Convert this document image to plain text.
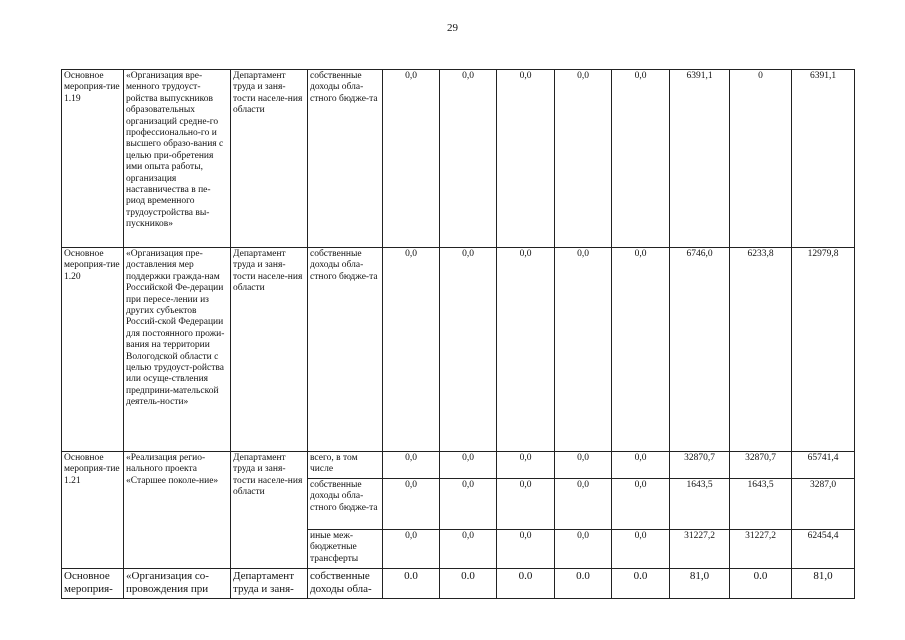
29
Основное мероприя-тие 1.19	«Организация вре-менного трудоуст-ройства выпускников образовательных организаций средне-го профессионально-го и высшего образо-вания с целью при-обретения ими опыта работы, организация наставничества в пе-риод временного трудоустройства вы-пускников»	Департамент труда и заня-тости населе-ния области	собственные доходы обла-стного бюдже-та	0,0	0,0	0,0	0,0	0,0	6391,1	0	6391,1
Основное мероприя-тие 1.20	«Организация пре-доставления мер поддержки гражда-нам Российской Фе-дерации при пересе-лении из других субъектов Россий-ской Федерации для постоянного прожи-вания на территории Вологодской области с целью трудоуст-ройства или осуще-ствления предприни-мательской деятель-ности»	Департамент труда и заня-тости населе-ния области	собственные доходы обла-стного бюдже-та	0,0	0,0	0,0	0,0	0,0	6746,0	6233,8	12979,8
Основное мероприя-тие 1.21	«Реализация регио-нального проекта «Старшее поколе-ние»	Департамент труда и заня-тости населе-ния области	всего, в том числе	0,0	0,0	0,0	0,0	0,0	32870,7	32870,7	65741,4
			собственные доходы обла-стного бюдже-та	0,0	0,0	0,0	0,0	0,0	1643,5	1643,5	3287,0
			иные меж-бюджетные трансферты	0,0	0,0	0,0	0,0	0,0	31227,2	31227,2	62454,4
Основное мероприя-	«Организация со-провождения при	Департамент труда и заня-	собственные доходы обла-	0.0	0.0	0.0	0.0	0.0	81,0	0.0	81,0
